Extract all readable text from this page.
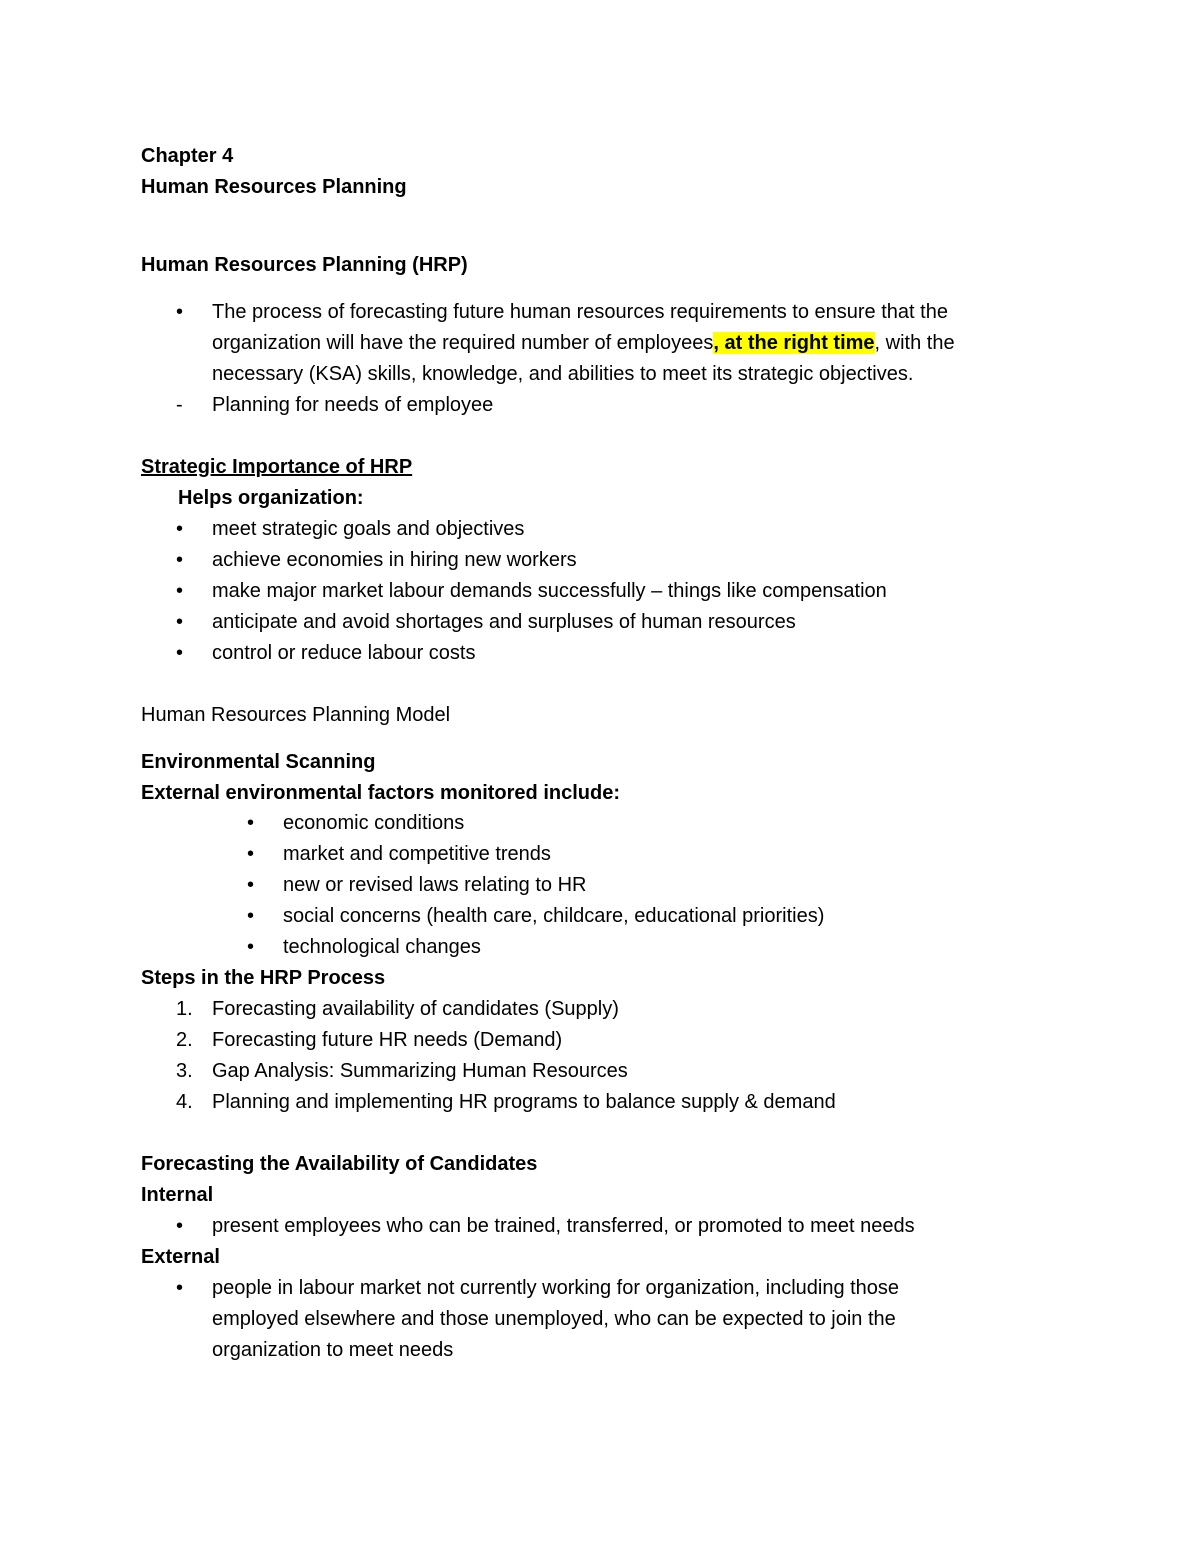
Chapter 4
Human Resources Planning
Human Resources Planning (HRP)
•	The process of forecasting future human resources requirements to ensure that the
organization will have the required number of employees, at the right time, with the
necessary (KSA) skills, knowledge, and abilities to meet its strategic objectives.
-	Planning for needs of employee
Strategic Importance of HRP
Helps organization:
•	meet strategic goals and objectives
•	achieve economies in hiring new workers
•	make major market labour demands successfully – things like compensation
•	anticipate and avoid shortages and surpluses of human resources
•	control or reduce labour costs
Human Resources Planning Model
Environmental Scanning
External environmental factors monitored include:
•	economic conditions
•	market and competitive trends
•	new or revised laws relating to HR
•	social concerns (health care, childcare, educational priorities)
•	technological changes
Steps in the HRP Process
1. Forecasting availability of candidates (Supply)
2. Forecasting future HR needs (Demand)
3. Gap Analysis: Summarizing Human Resources
4. Planning and implementing HR programs to balance supply & demand
Forecasting the Availability of Candidates
Internal
•	present employees who can be trained, transferred, or promoted to meet needs
External
•	people in labour market not currently working for organization, including those
employed elsewhere and those unemployed, who can be expected to join the
organization to meet needs
